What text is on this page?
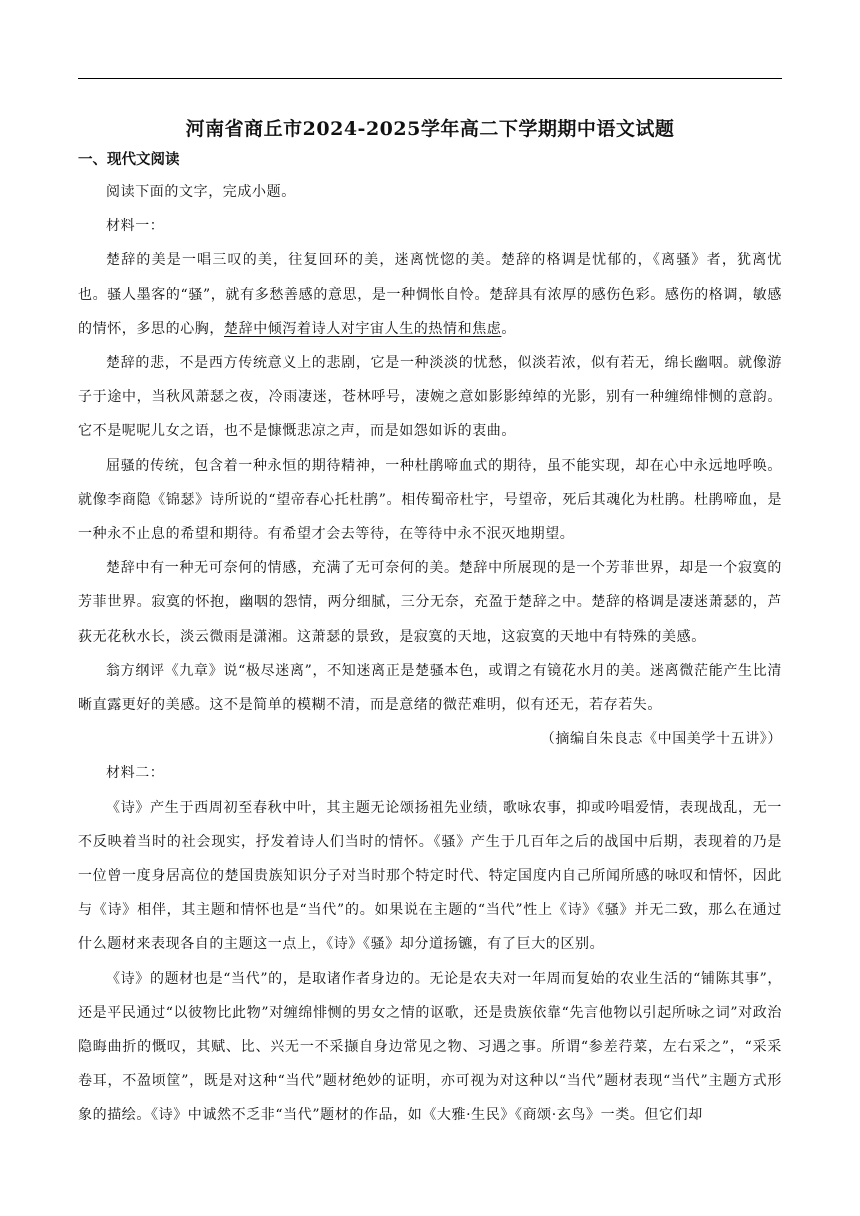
河南省商丘市2024-2025学年高二下学期期中语文试题
一、现代文阅读

阅读下面的文字，完成小题。

材料一：

楚辞的美是一唱三叹的美，往复回环的美，迷离恍惚的美。楚辞的格调是忧郁的，《离骚》者，犹离忧也。骚人墨客的“骚”，就有多愁善感的意思，是一种惆怅自怜。楚辞具有浓厚的感伤色彩。感伤的格调，敏感的情怀，多思的心胸，楚辞中倾泻着诗人对宇宙人生的热情和焦虑。

楚辞的悲，不是西方传统意义上的悲剧，它是一种淡淡的忧愁，似淡若浓，似有若无，绵长幽咽。就像游子于途中，当秋风萧瑟之夜，冷雨凄迷，苍林呼号，凄婉之意如影影绰绰的光影，别有一种缠绵悱恻的意韵。它不是呢呢儿女之语，也不是慷慨悲凉之声，而是如怨如诉的衷曲。

屈骚的传统，包含着一种永恒的期待精神，一种杜鹃啼血式的期待，虽不能实现，却在心中永远地呼唤。就像李商隐《锦瑟》诗所说的“望帝春心托杜鹃”。相传蜀帝杜宇，号望帝，死后其魂化为杜鹃。杜鹃啼血，是一种永不止息的希望和期待。有希望才会去等待，在等待中永不泯灭地期望。

楚辞中有一种无可奈何的情感，充满了无可奈何的美。楚辞中所展现的是一个芳菲世界，却是一个寂寞的芳菲世界。寂寞的怀抱，幽咽的怨情，两分细腻，三分无奈，充盈于楚辞之中。楚辞的格调是凄迷萧瑟的，芦荻无花秋水长，淡云微雨是潇湘。这萧瑟的景致，是寂寞的天地，这寂寞的天地中有特殊的美感。

翁方纲评《九章》说“极尽迷离”，不知迷离正是楚骚本色，或谓之有镜花水月的美。迷离微茫能产生比清晰直露更好的美感。这不是简单的模糊不清，而是意绪的微茫难明，似有还无，若存若失。

（摘编自朱良志《中国美学十五讲》）

材料二：

《诗》产生于西周初至春秋中叶，其主题无论颂扬祖先业绩，歌咏农事，抑或吟唱爱情，表现战乱，无一不反映着当时的社会现实，抒发着诗人们当时的情怀。《骚》产生于几百年之后的战国中后期，表现着的乃是一位曾一度身居高位的楚国贵族知识分子对当时那个特定时代、特定国度内自己所闻所感的咏叹和情怀，因此与《诗》相伴，其主题和情怀也是“当代”的。如果说在主题的“当代”性上《诗》《骚》并无二致，那么在通过什么题材来表现各自的主题这一点上，《诗》《骚》却分道扬镳，有了巨大的区别。

《诗》的题材也是“当代”的，是取诸作者身边的。无论是农夫对一年周而复始的农业生活的“铺陈其事”，还是平民通过“以彼物比此物”对缠绵悱恻的男女之情的讴歌，还是贵族依靠“先言他物以引起所咏之词”对政治隐晦曲折的慨叹，其赋、比、兴无一不采撷自身边常见之物、习遇之事。所谓“参差荇菜，左右采之”，“采采卷耳，不盈顷筐”，既是对这种“当代”题材绝妙的证明，亦可视为对这种以“当代”题材表现“当代”主题方式形象的描绘。《诗》中诚然不乏非“当代”题材的作品，如《大雅·生民》《商颂·玄鸟》一类。但它们却
